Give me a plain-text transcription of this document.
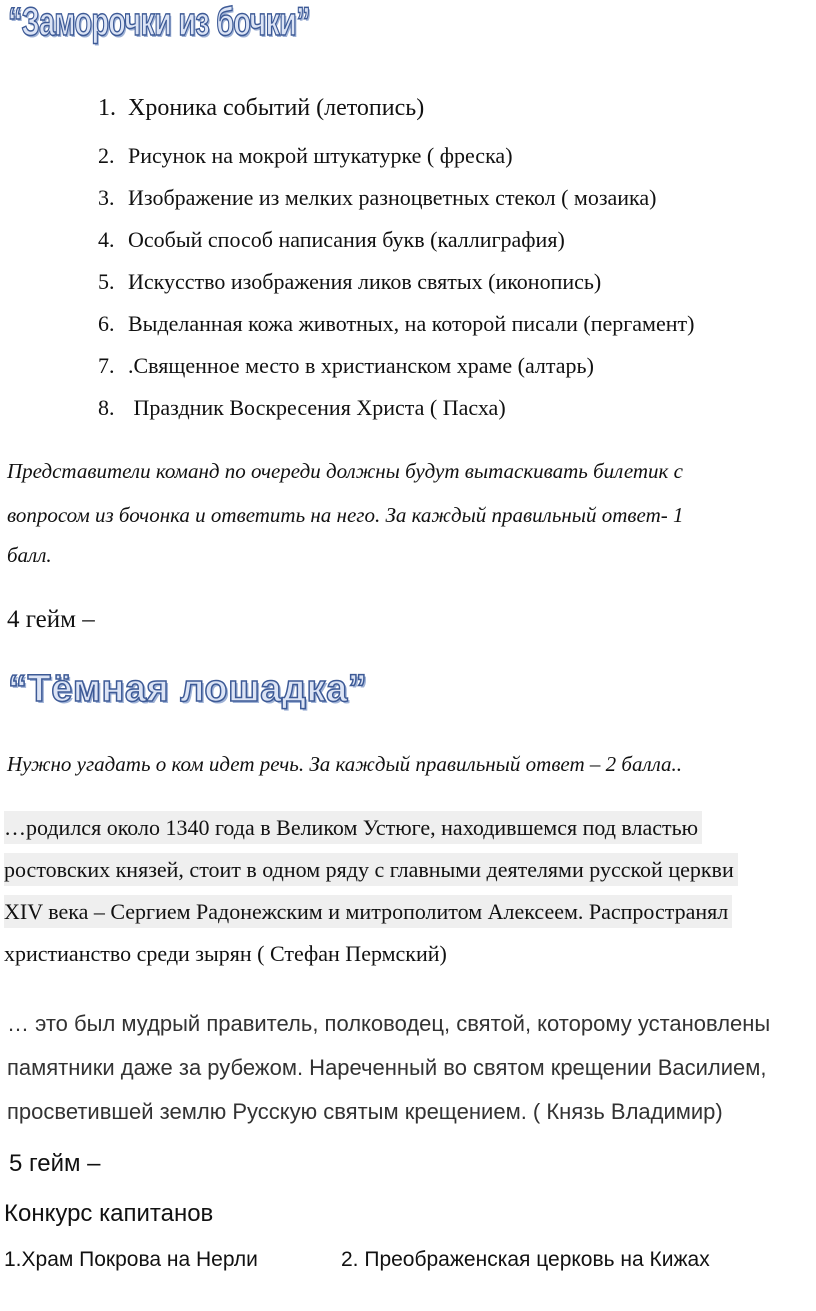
“Заморочки из бочки”
1. Хроника событий (летопись)
2. Рисунок на мокрой штукатурке ( фреска)
3. Изображение из мелких разноцветных стекол ( мозаика)
4. Особый способ написания букв (каллиграфия)
5. Искусство изображения ликов святых (иконопись)
6. Выделанная кожа животных, на которой писали (пергамент)
7. .Священное место в христианском храме (алтарь)
8. Праздник Воскресения Христа ( Пасха)
Представители команд по очереди должны будут вытаскивать билетик с
вопросом из бочонка и ответить на него. За каждый правильный ответ- 1
балл.
4 гейм –
“Тёмная лошадка”
Нужно угадать о ком идет речь. За каждый правильный ответ – 2 балла..
…родился около 1340 года в Великом Устюге, находившемся под властью
ростовских князей, стоит в одном ряду с главными деятелями русской церкви
XIV века – Сергием Радонежским и митрополитом Алексеем. Распространял
христианство среди зырян ( Стефан Пермский)
… это был мудрый правитель, полководец, святой, которому установлены
памятники даже за рубежом. Нареченный во святом крещении Василием,
просветившей землю Русскую святым крещением. ( Князь Владимир)
5 гейм –
Конкурс капитанов
1.Храм Покрова на Нерли	2. Преображенская церковь на Кижах
